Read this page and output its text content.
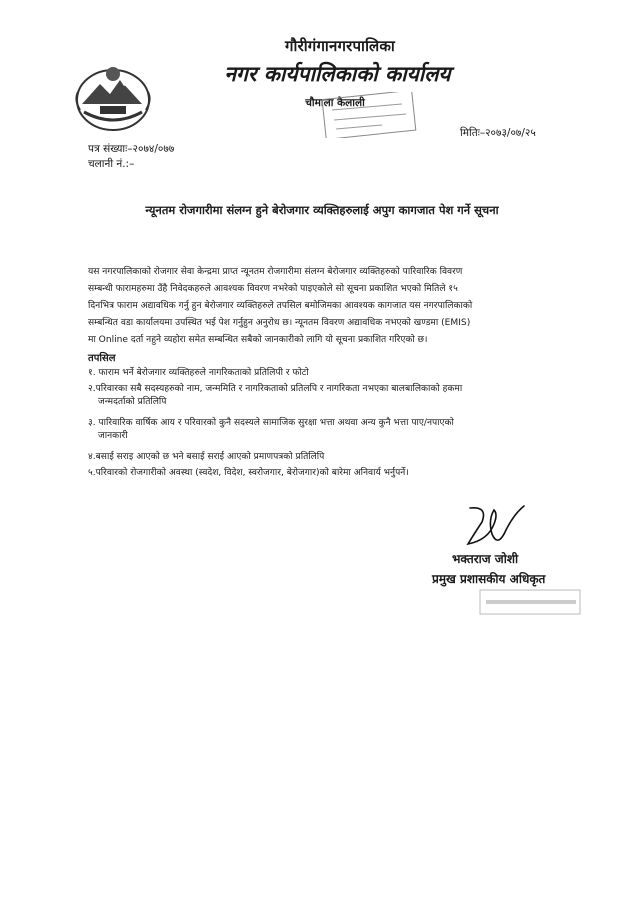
गौरीगंगानगरपालिका
नगर कार्यपालिकाको कार्यालय
चौमाला कैलाली
पत्र संख्याः–२०७४/०७७
चलानी नं.:–
मितिः–२०७३/०७/२५
न्यूनतम रोजगारीमा संलग्न हुने बेरोजगार व्यक्तिहरुलाई अपुग कागजात पेश गर्ने सूचना
यस नगरपालिकाको रोजगार सेवा केन्द्रमा प्राप्त न्यूनतम रोजगारीमा संलग्न बेरोजगार व्यक्तिहरुको पारिवारिक विवरण
सम्बन्धी फारामहरुमा उँहै निवेदकहरुले आवश्यक विवरण नभरेको पाइएकोले सो सूचना प्रकाशित भएको मितिले १५
दिनभित्र फाराम अद्यावधिक गर्नु हुन बेरोजगार व्यक्तिहरुले तपसिल बमोजिमका आवश्यक कागजात यस नगरपालिकाको
सम्बन्धित वडा कार्यालयमा उपस्थित भई पेश गर्नुहुन अनुरोध छ। न्यूनतम विवरण अद्यावधिक नभएको खण्डमा (EMIS)
मा Online दर्ता नहुने व्यहोरा समेत सम्बन्धित सबैको जानकारीको लागि यो सूचना प्रकाशित गरिएको छ।
तपसिल
१. फाराम भर्ने बेरोजगार व्यक्तिहरुले नागरिकताको प्रतिलिपी र फोटो
२.परिवारका सबै सदस्यहरुको नाम, जन्ममिति र नागरिकताको प्रतिलपि र नागरिकता नभएका बालबालिकाको हकमा
जन्मदर्ताको प्रतिलिपि
३. पारिवारिक वार्षिक आय र परिवारको कुनै सदस्यले सामाजिक सुरक्षा भत्ता अथवा अन्य कुनै भत्ता पाए/नपाएको
जानकारी
४.बसाई सराइ आएको छ भने बसाई सराई आएको प्रमाणपत्रको प्रतिलिपि
५.परिवारको रोजगारीको अवस्था (स्वदेश, विदेश, स्वरोजगार, बेरोजगार)को बारेमा अनिवार्य भर्नुपर्ने।
भक्तराज जोशी
प्रमुख प्रशासकीय अधिकृत
